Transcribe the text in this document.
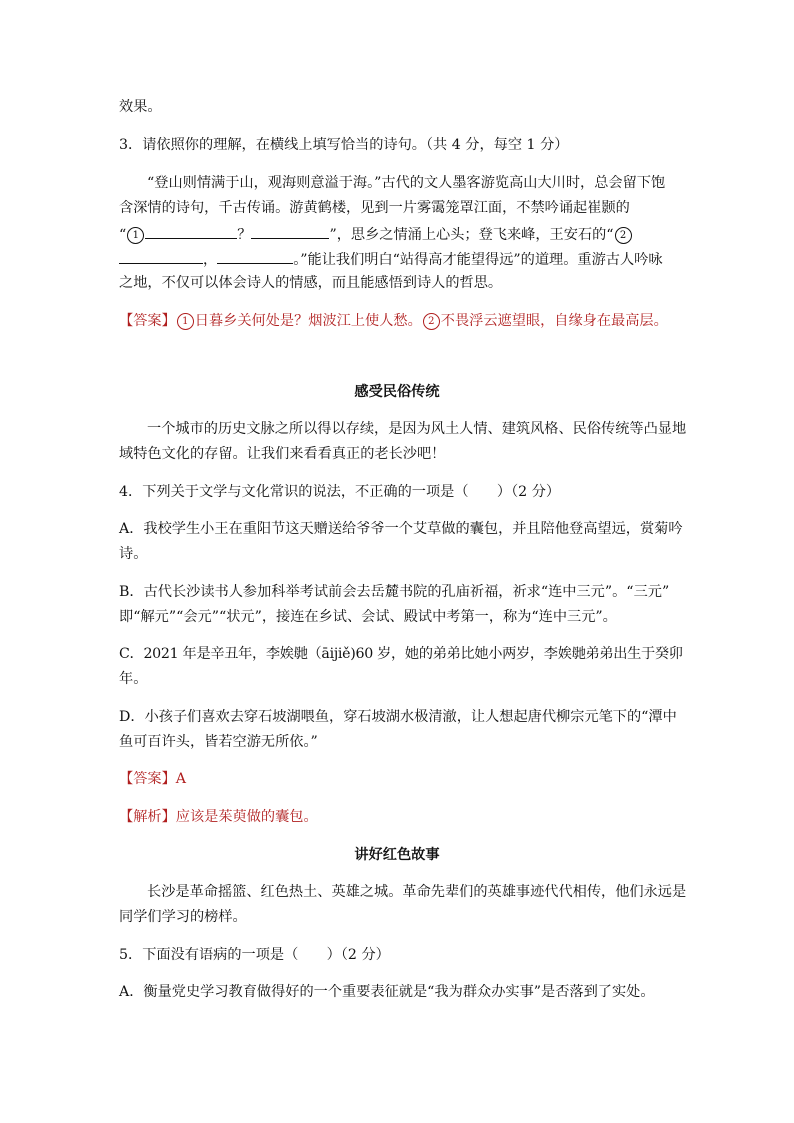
效果。
3．请依照你的理解，在横线上填写恰当的诗句。（共 4 分，每空 1 分）
“登山则情满于山，观海则意溢于海。”古代的文人墨客游览高山大川时，总会留下饱
含深情的诗句，千古传诵。游黄鹤楼，见到一片雾霭笼罩江面，不禁吟诵起崔颢的
“ 1	？	”，思乡之情涌上心头；登飞来峰，王安石的“ 2
，	。”能让我们明白“站得高才能望得远”的道理。重游古人吟咏
之地，不仅可以体会诗人的情感，而且能感悟到诗人的哲思。
【答案】 1 日暮乡关何处是？烟波江上使人愁。 2 不畏浮云遮望眼，自缘身在最高层。
感受民俗传统
一个城市的历史文脉之所以得以存续，是因为风土人情、建筑风格、民俗传统等凸显地
域特色文化的存留。让我们来看看真正的老长沙吧！
4．下列关于文学与文化常识的说法，不正确的一项是（　　）（2 分）
A．我校学生小王在重阳节这天赠送给爷爷一个艾草做的囊包，并且陪他登高望远，赏菊吟
诗。
B．古代长沙读书人参加科举考试前会去岳麓书院的孔庙祈福，祈求“连中三元”。“三元”
即“解元”“会元”“状元”，接连在乡试、会试、殿试中考第一，称为“连中三元”。
C．2021 年是辛丑年，李娭毑（āijiě)60 岁，她的弟弟比她小两岁，李娭毑弟弟出生于癸卯
年。
D．小孩子们喜欢去穿石坡湖喂鱼，穿石坡湖水极清澈，让人想起唐代柳宗元笔下的“潭中
鱼可百许头，皆若空游无所依。”
【答案】A
【解析】应该是茱萸做的囊包。
讲好红色故事
长沙是革命摇篮、红色热土、英雄之城。革命先辈们的英雄事迹代代相传，他们永远是
同学们学习的榜样。
5．下面没有语病的一项是（　　）（2 分）
A．衡量党史学习教育做得好的一个重要表征就是“我为群众办实事”是否落到了实处。
